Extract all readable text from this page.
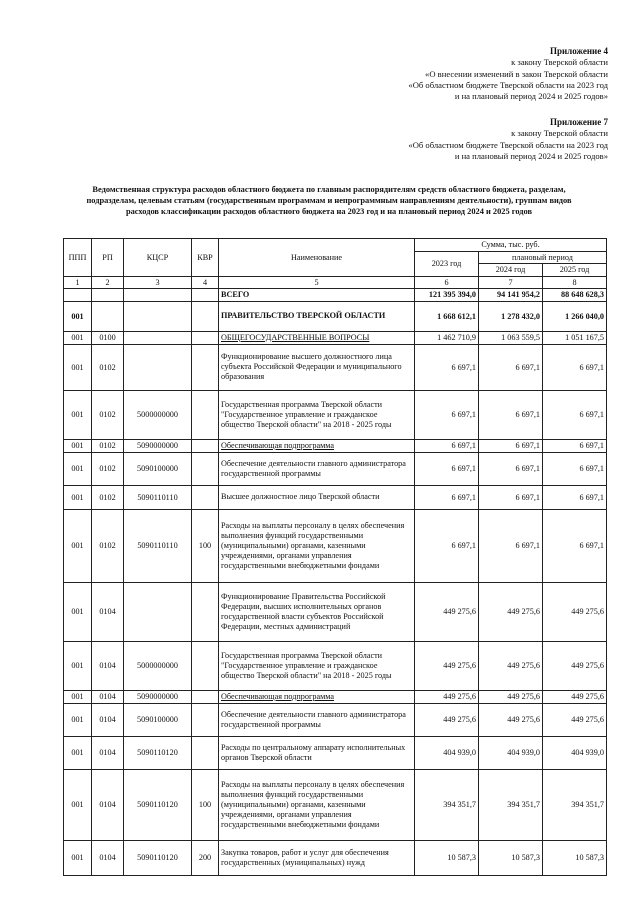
Приложение 4
к закону Тверской области
«О внесении изменений в закон Тверской области
«Об областном бюджете Тверской области на 2023 год
и на плановый период 2024 и 2025 годов»
Приложение 7
к закону Тверской области
«Об областном бюджете Тверской области на 2023 год
и на плановый период 2024 и 2025 годов»
Ведомственная структура расходов областного бюджета по главным распорядителям средств областного бюджета, разделам,
подразделам, целевым статьям (государственным программам и непрограммным направлениям деятельности), группам видов
расходов классификации расходов областного бюджета на 2023 год и на плановый период 2024 и 2025 годов
ППП	РП	КЦСР	КВР	Наименование	Сумма, тыс. руб.		
					2023 год	плановый период	
						2024 год	2025 год
1	2	3	4	5	6	7	8
				ВСЕГО	121 395 394,0	94 141 954,2	88 648 628,3
001				ПРАВИТЕЛЬСТВО ТВЕРСКОЙ ОБЛАСТИ	1 668 612,1	1 278 432,0	1 266 040,0
001	0100			ОБЩЕГОСУДАРСТВЕННЫЕ ВОПРОСЫ	1 462 710,9	1 063 559,5	1 051 167,5
001	0102			Функционирование высшего должностного лица субъекта Российской Федерации и муниципального образования	6 697,1	6 697,1	6 697,1
001	0102	5000000000		Государственная программа Тверской области "Государственное управление и гражданское общество Тверской области" на 2018 - 2025 годы	6 697,1	6 697,1	6 697,1
001	0102	5090000000		Обеспечивающая подпрограмма	6 697,1	6 697,1	6 697,1
001	0102	5090100000		Обеспечение деятельности главного администратора государственной программы	6 697,1	6 697,1	6 697,1
001	0102	5090110110		Высшее должностное лицо Тверской области	6 697,1	6 697,1	6 697,1
001	0102	5090110110	100	Расходы на выплаты персоналу в целях обеспечения выполнения функций государственными (муниципальными) органами, казенными учреждениями, органами управления государственными внебюджетными фондами	6 697,1	6 697,1	6 697,1
001	0104			Функционирование Правительства Российской Федерации, высших исполнительных органов государственной власти субъектов Российской Федерации, местных администраций	449 275,6	449 275,6	449 275,6
001	0104	5000000000		Государственная программа Тверской области "Государственное управление и гражданское общество Тверской области" на 2018 - 2025 годы	449 275,6	449 275,6	449 275,6
001	0104	5090000000		Обеспечивающая подпрограмма	449 275,6	449 275,6	449 275,6
001	0104	5090100000		Обеспечение деятельности главного администратора государственной программы	449 275,6	449 275,6	449 275,6
001	0104	5090110120		Расходы по центральному аппарату исполнительных органов Тверской области	404 939,0	404 939,0	404 939,0
001	0104	5090110120	100	Расходы на выплаты персоналу в целях обеспечения выполнения функций государственными (муниципальными) органами, казенными учреждениями, органами управления государственными внебюджетными фондами	394 351,7	394 351,7	394 351,7
001	0104	5090110120	200	Закупка товаров, работ и услуг для обеспечения государственных (муниципальных) нужд	10 587,3	10 587,3	10 587,3
